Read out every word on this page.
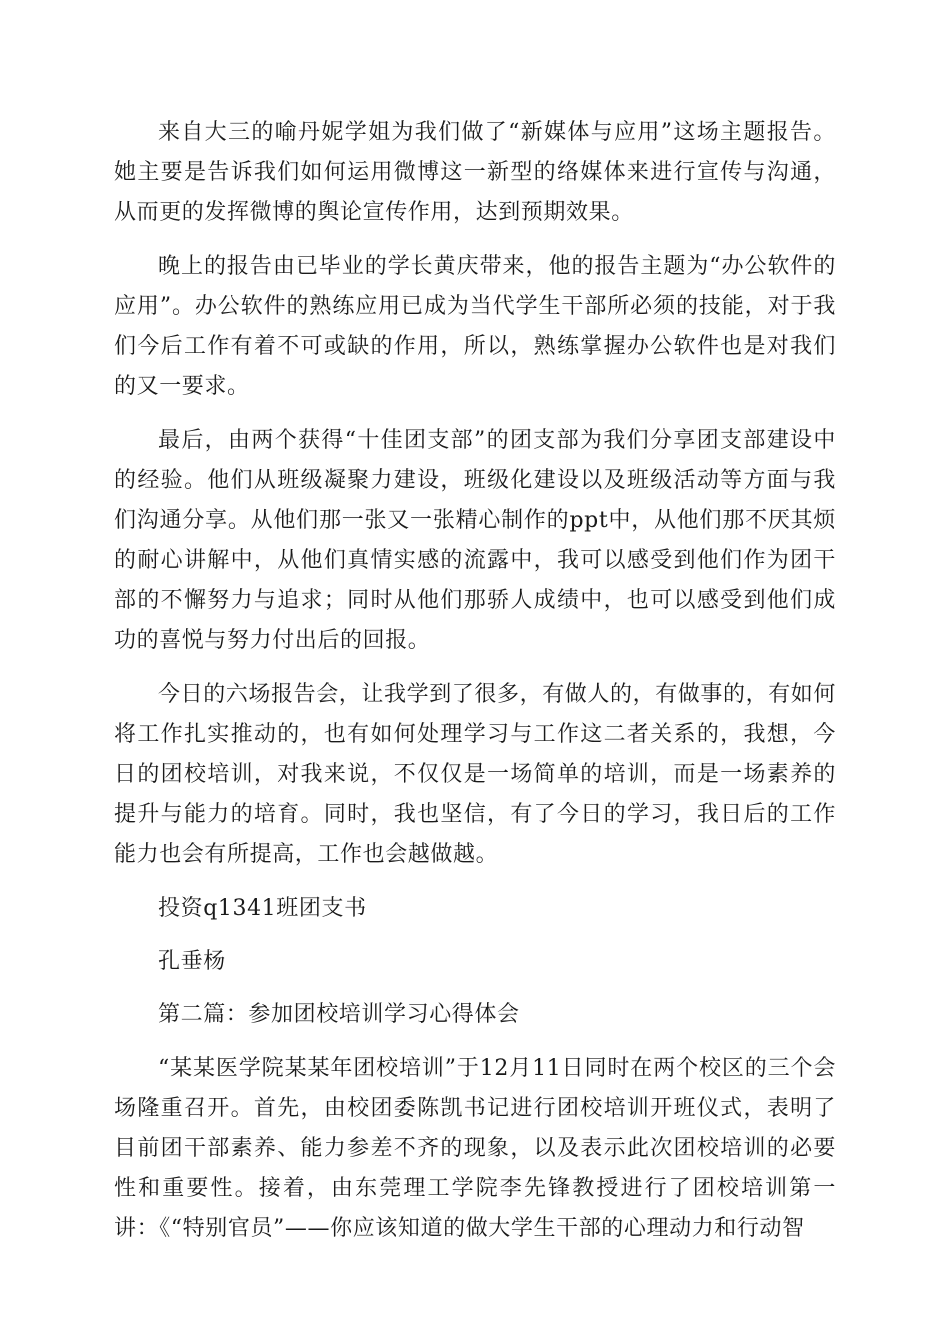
来自大三的喻丹妮学姐为我们做了“新媒体与应用”这场主题报告。她主要是告诉我们如何运用微博这一新型的络媒体来进行宣传与沟通，从而更的发挥微博的舆论宣传作用，达到预期效果。

晚上的报告由已毕业的学长黄庆带来，他的报告主题为“办公软件的应用”。办公软件的熟练应用已成为当代学生干部所必须的技能，对于我们今后工作有着不可或缺的作用，所以，熟练掌握办公软件也是对我们的又一要求。

最后，由两个获得“十佳团支部”的团支部为我们分享团支部建设中的经验。他们从班级凝聚力建设，班级化建设以及班级活动等方面与我们沟通分享。从他们那一张又一张精心制作的ppt中，从他们那不厌其烦的耐心讲解中，从他们真情实感的流露中，我可以感受到他们作为团干部的不懈努力与追求；同时从他们那骄人成绩中，也可以感受到他们成功的喜悦与努力付出后的回报。

今日的六场报告会，让我学到了很多，有做人的，有做事的，有如何将工作扎实推动的，也有如何处理学习与工作这二者关系的，我想，今日的团校培训，对我来说，不仅仅是一场简单的培训，而是一场素养的提升与能力的培育。同时，我也坚信，有了今日的学习，我日后的工作能力也会有所提高，工作也会越做越。

投资q1341班团支书

孔垂杨

第二篇：参加团校培训学习心得体会

“某某医学院某某年团校培训”于12月11日同时在两个校区的三个会场隆重召开。首先，由校团委陈凯书记进行团校培训开班仪式，表明了目前团干部素养、能力参差不齐的现象，以及表示此次团校培训的必要性和重要性。接着，由东莞理工学院李先锋教授进行了团校培训第一讲：《“特别官员”——你应该知道的做大学生干部的心理动力和行动智
